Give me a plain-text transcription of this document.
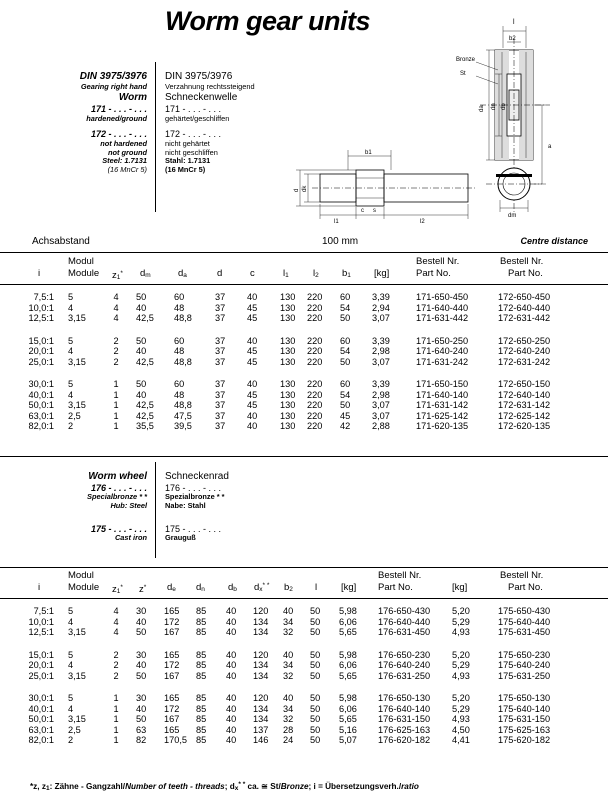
Worm gear units
DIN 3975/3976
Gearing right hand
Worm
171 - . . . - . . .
hardened/ground
172 - . . . - . . .
not hardened
not ground
Steel: 1.7131
(16 MnCr 5)
DIN 3975/3976
Verzahnung rechtssteigend
Schneckenwelle
171 - . . . - . . .
gehärtet/geschliffen
172 - . . . - . . .
nicht gehärtet
nicht geschliffen
Stahl: 1.7131
(16 MnCr 5)
l
b2
Bronze
St
da dn db
a
dm
b1
d dk
l1
c s
l2
Achsabstand	100 mm	Centre distance
Modul
i	Module z1* dm	da	d	c	l1	l2 b1 [kg]
Bestell Nr.
Part No.
Bestell Nr.
Part No.
7,5:1 5	4	50	60	37	40	130	220	60	3,39	171-650-450	172-650-450
10,0:1 4	4	40	48	37	45	130	220	54	2,94	171-640-440	172-640-440
12,5:1 3,15	4	42,5	48,8	37	45	130	220	50	3,07	171-631-442	172-631-442
15,0:1 5	2	50	60	37	40	130	220	60	3,39	171-650-250	172-650-250
20,0:1 4	2	40	48	37	45	130	220	54	2,98	171-640-240	172-640-240
25,0:1 3,15	2	42,5	48,8	37	45	130	220	50	3,07	171-631-242	172-631-242
30,0:1 5	1	50	60	37	40	130	220	60	3,39	171-650-150	172-650-150
40,0:1 4	1	40	48	37	45	130	220	54	2,98	171-640-140	172-640-140
50,0:1 3,15	1	42,5	48,8	37	45	130	220	50	3,07	171-631-142	172-631-142
63,0:1 2,5	1	42,5	47,5	37	40	130	220	45	3,07	171-625-142	172-625-142
82,0:1 2	1	35,5	39,5	37	40	130	220	42	2,88	171-620-135	172-620-135
Worm wheel
176 - . . . - . . .
Specialbronze * *
Hub: Steel
175 - . . . - . . .
Cast iron
Schneckenrad
176 - . . . - . . .
Spezialbronze * *
Nabe: Stahl
175 - . . . - . . .
Grauguß
Modul
i	Module z1* z* de dn db dx* * b2 l	[kg]
Bestell Nr.
Part No.	[kg]
Bestell Nr.
Part No.
7,5:1 5	4	30	165	85	40	120	40	50	5,98	176-650-430	5,20	175-650-430
10,0:1 4	4	40	172	85	40	134	34	50	6,06	176-640-440	5,29	175-640-440
12,5:1 3,15	4	50	167	85	40	134	32	50	5,65	176-631-450	4,93	175-631-450
15,0:1 5	2	30	165	85	40	120	40	50	5,98	176-650-230	5,20	175-650-230
20,0:1 4	2	40	172	85	40	134	34	50	6,06	176-640-240	5,29	175-640-240
25,0:1 3,15	2	50	167	85	40	134	32	50	5,65	176-631-250	4,93	175-631-250
30,0:1 5	1	30	165	85	40	120	40	50	5,98	176-650-130	5,20	175-650-130
40,0:1 4	1	40	172	85	40	134	34	50	6,06	176-640-140	5,29	175-640-140
50,0:1 3,15	1	50	167	85	40	134	32	50	5,65	176-631-150	4,93	175-631-150
63,0:1 2,5	1	63	165	85	40	137	28	50	5,16	176-625-163	4,50	175-625-163
82,0:1 2	1	82	170,5 85	40	146	24	50	5,07	176-620-182	4,41	175-620-182
*z, z1: Zähne - Gangzahl/Number of teeth - threads; dx* * ca. ≅ St/Bronze; i = Übersetzungsverh./ratio
